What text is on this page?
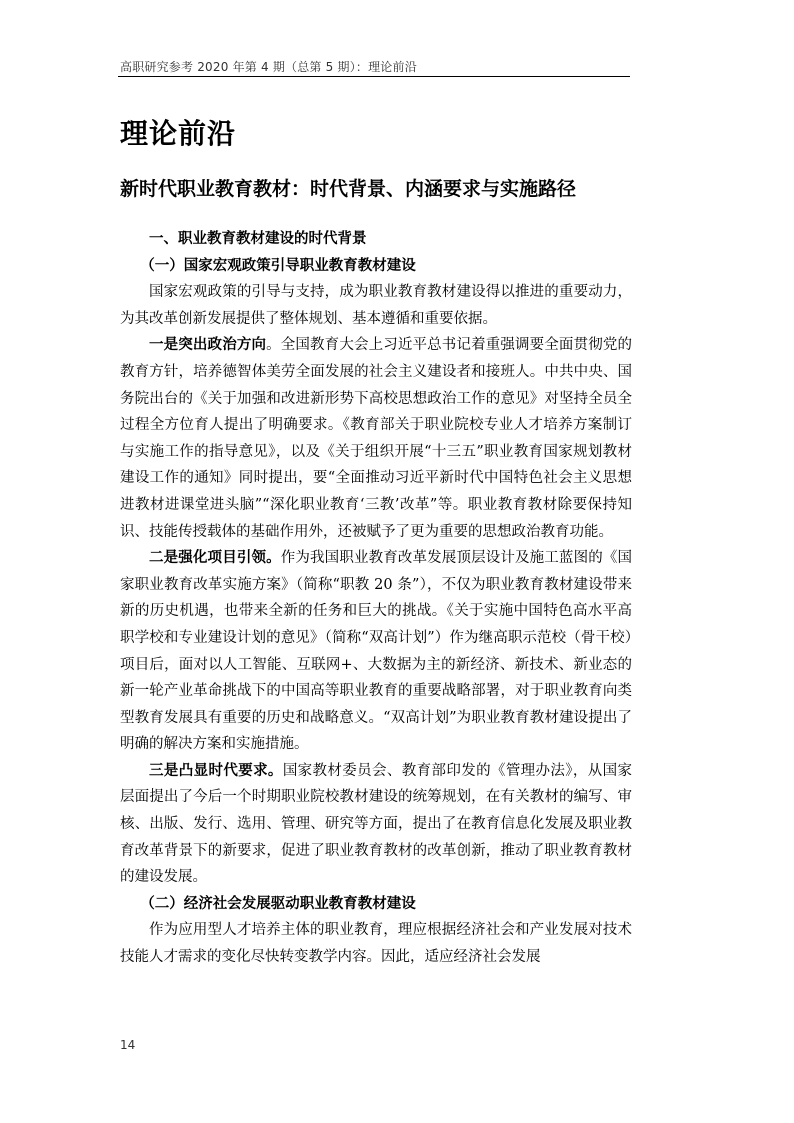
高职研究参考 2020 年第 4 期（总第 5 期）：理论前沿
理论前沿
新时代职业教育教材：时代背景、内涵要求与实施路径

一、职业教育教材建设的时代背景

（一）国家宏观政策引导职业教育教材建设

国家宏观政策的引导与支持，成为职业教育教材建设得以推进的重要动力，为其改革创新发展提供了整体规划、基本遵循和重要依据。

一是突出政治方向。全国教育大会上习近平总书记着重强调要全面贯彻党的教育方针，培养德智体美劳全面发展的社会主义建设者和接班人。中共中央、国务院出台的《关于加强和改进新形势下高校思想政治工作的意见》对坚持全员全过程全方位育人提出了明确要求。《教育部关于职业院校专业人才培养方案制订与实施工作的指导意见》，以及《关于组织开展“十三五”职业教育国家规划教材建设工作的通知》同时提出，要“全面推动习近平新时代中国特色社会主义思想进教材进课堂进头脑”“深化职业教育‘三教’改革”等。职业教育教材除要保持知识、技能传授载体的基础作用外，还被赋予了更为重要的思想政治教育功能。

二是强化项目引领。作为我国职业教育改革发展顶层设计及施工蓝图的《国家职业教育改革实施方案》（简称“职教 20 条”），不仅为职业教育教材建设带来新的历史机遇，也带来全新的任务和巨大的挑战。《关于实施中国特色高水平高职学校和专业建设计划的意见》（简称“双高计划”）作为继高职示范校（骨干校）项目后，面对以人工智能、互联网+、大数据为主的新经济、新技术、新业态的新一轮产业革命挑战下的中国高等职业教育的重要战略部署，对于职业教育向类型教育发展具有重要的历史和战略意义。“双高计划”为职业教育教材建设提出了明确的解决方案和实施措施。

三是凸显时代要求。国家教材委员会、教育部印发的《管理办法》，从国家层面提出了今后一个时期职业院校教材建设的统筹规划，在有关教材的编写、审核、出版、发行、选用、管理、研究等方面，提出了在教育信息化发展及职业教育改革背景下的新要求，促进了职业教育教材的改革创新，推动了职业教育教材的建设发展。

（二）经济社会发展驱动职业教育教材建设

作为应用型人才培养主体的职业教育，理应根据经济社会和产业发展对技术技能人才需求的变化尽快转变教学内容。因此，适应经济社会发展

14
